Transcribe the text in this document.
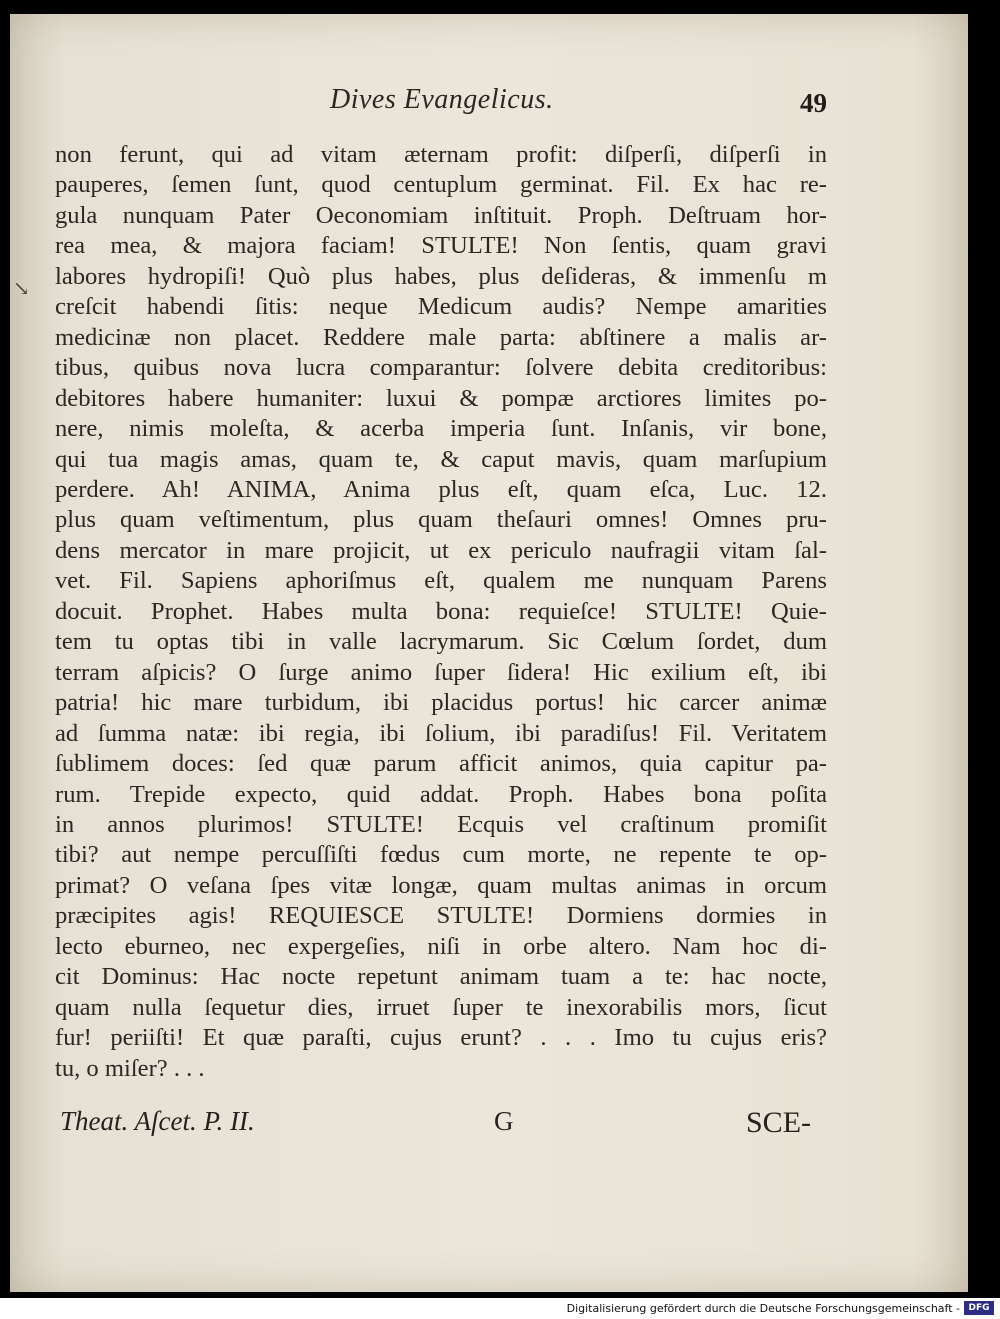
Dives Evangelicus.	49
↘
non ferunt, qui ad vitam æternam profit: diſperſi, diſperſi in
pauperes, ſemen ſunt, quod centuplum germinat. Fil. Ex hac re-
gula nunquam Pater Oeconomiam inſtituit. Proph. Deſtruam hor-
rea mea, & majora faciam! STULTE! Non ſentis, quam gravi
labores hydropiſi! Quò plus habes, plus deſideras, & immenſu m
creſcit habendi ſitis: neque Medicum audis? Nempe amarities
medicinæ non placet. Reddere male parta: abſtinere a malis ar-
tibus, quibus nova lucra comparantur: ſolvere debita creditoribus:
debitores habere humaniter: luxui & pompæ arctiores limites po-
nere, nimis moleſta, & acerba imperia ſunt. Inſanis, vir bone,
qui tua magis amas, quam te, & caput mavis, quam marſupium
perdere. Ah! ANIMA, Anima plus eſt, quam eſca, Luc. 12.
plus quam veſtimentum, plus quam theſauri omnes! Omnes pru-
dens mercator in mare projicit, ut ex periculo naufragii vitam ſal-
vet. Fil. Sapiens aphoriſmus eſt, qualem me nunquam Parens
docuit. Prophet. Habes multa bona: requieſce! STULTE! Quie-
tem tu optas tibi in valle lacrymarum. Sic Cœlum ſordet, dum
terram aſpicis? O ſurge animo ſuper ſidera! Hic exilium eſt, ibi
patria! hic mare turbidum, ibi placidus portus! hic carcer animæ
ad ſumma natæ: ibi regia, ibi ſolium, ibi paradiſus! Fil. Veritatem
ſublimem doces: ſed quæ parum afficit animos, quia capitur pa-
rum. Trepide expecto, quid addat. Proph. Habes bona poſita
in annos plurimos! STULTE! Ecquis vel craſtinum promiſit
tibi? aut nempe percuſſiſti fœdus cum morte, ne repente te op-
primat? O veſana ſpes vitæ longæ, quam multas animas in orcum
præcipites agis! REQUIESCE STULTE! Dormiens dormies in
lecto eburneo, nec expergeſies, niſi in orbe altero. Nam hoc di-
cit Dominus: Hac nocte repetunt animam tuam a te: hac nocte,
quam nulla ſequetur dies, irruet ſuper te inexorabilis mors, ſicut
fur! periiſti! Et quæ paraſti, cujus erunt? . . . Imo tu cujus eris?
tu, o miſer? . . .
Theat. Aſcet. P. II.	G	SCE-
Digitalisierung gefördert durch die Deutsche Forschungsgemeinschaft - DFG
